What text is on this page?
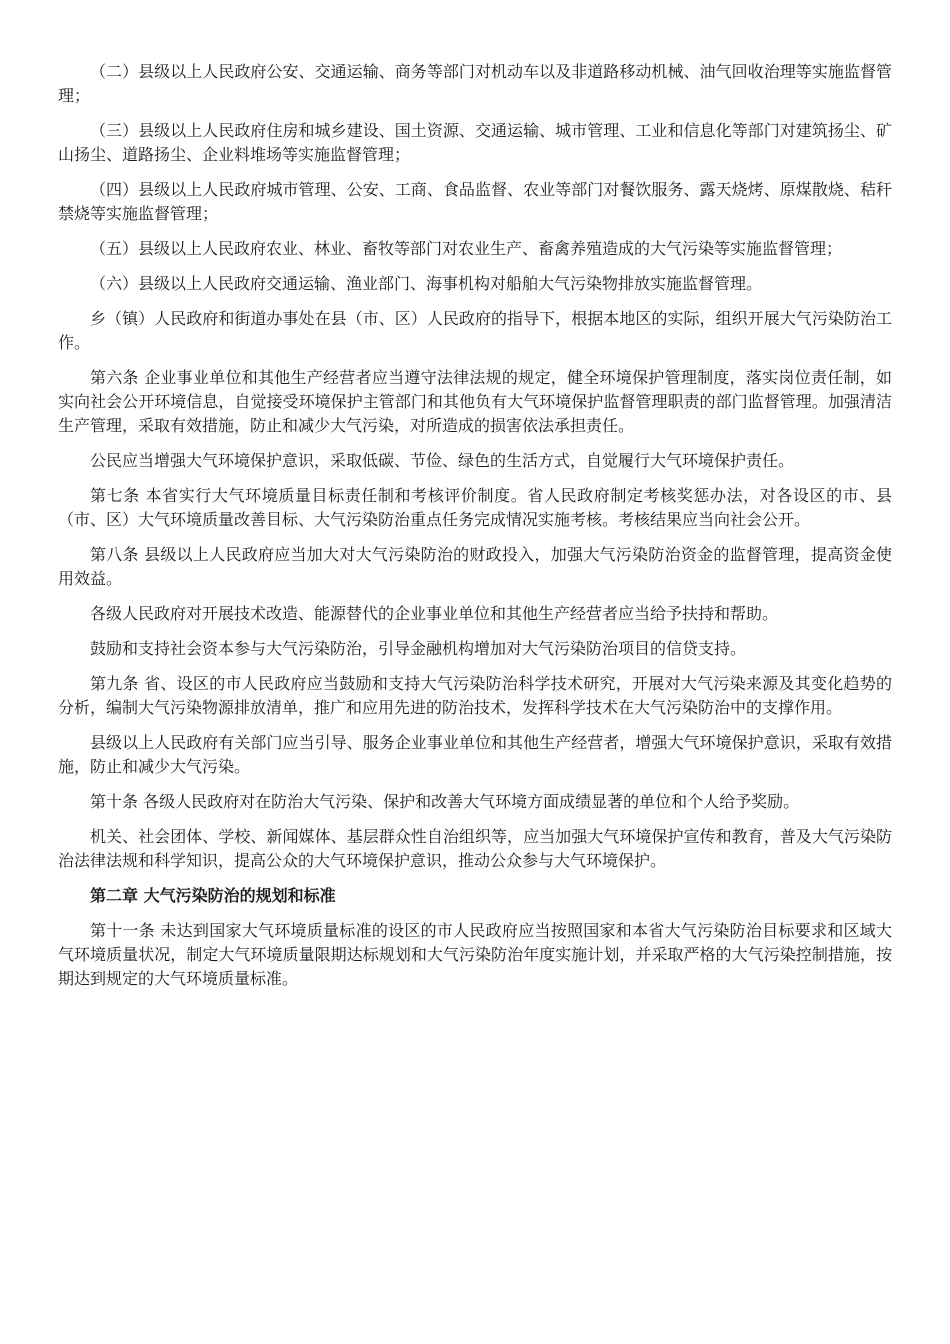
（二）县级以上人民政府公安、交通运输、商务等部门对机动车以及非道路移动机械、油气回收治理等实施监督管理；

（三）县级以上人民政府住房和城乡建设、国土资源、交通运输、城市管理、工业和信息化等部门对建筑扬尘、矿山扬尘、道路扬尘、企业料堆场等实施监督管理；

（四）县级以上人民政府城市管理、公安、工商、食品监督、农业等部门对餐饮服务、露天烧烤、原煤散烧、秸秆禁烧等实施监督管理；

（五）县级以上人民政府农业、林业、畜牧等部门对农业生产、畜禽养殖造成的大气污染等实施监督管理；

（六）县级以上人民政府交通运输、渔业部门、海事机构对船舶大气污染物排放实施监督管理。

乡（镇）人民政府和街道办事处在县（市、区）人民政府的指导下，根据本地区的实际，组织开展大气污染防治工作。

第六条 企业事业单位和其他生产经营者应当遵守法律法规的规定，健全环境保护管理制度，落实岗位责任制，如实向社会公开环境信息，自觉接受环境保护主管部门和其他负有大气环境保护监督管理职责的部门监督管理。加强清洁生产管理，采取有效措施，防止和减少大气污染，对所造成的损害依法承担责任。

公民应当增强大气环境保护意识，采取低碳、节俭、绿色的生活方式，自觉履行大气环境保护责任。

第七条 本省实行大气环境质量目标责任制和考核评价制度。省人民政府制定考核奖惩办法，对各设区的市、县（市、区）大气环境质量改善目标、大气污染防治重点任务完成情况实施考核。考核结果应当向社会公开。

第八条 县级以上人民政府应当加大对大气污染防治的财政投入，加强大气污染防治资金的监督管理，提高资金使用效益。

各级人民政府对开展技术改造、能源替代的企业事业单位和其他生产经营者应当给予扶持和帮助。

鼓励和支持社会资本参与大气污染防治，引导金融机构增加对大气污染防治项目的信贷支持。

第九条 省、设区的市人民政府应当鼓励和支持大气污染防治科学技术研究，开展对大气污染来源及其变化趋势的分析，编制大气污染物源排放清单，推广和应用先进的防治技术，发挥科学技术在大气污染防治中的支撑作用。

县级以上人民政府有关部门应当引导、服务企业事业单位和其他生产经营者，增强大气环境保护意识，采取有效措施，防止和减少大气污染。

第十条 各级人民政府对在防治大气污染、保护和改善大气环境方面成绩显著的单位和个人给予奖励。

机关、社会团体、学校、新闻媒体、基层群众性自治组织等，应当加强大气环境保护宣传和教育，普及大气污染防治法律法规和科学知识，提高公众的大气环境保护意识，推动公众参与大气环境保护。

第二章 大气污染防治的规划和标准

第十一条 未达到国家大气环境质量标准的设区的市人民政府应当按照国家和本省大气污染防治目标要求和区域大气环境质量状况，制定大气环境质量限期达标规划和大气污染防治年度实施计划，并采取严格的大气污染控制措施，按期达到规定的大气环境质量标准。
